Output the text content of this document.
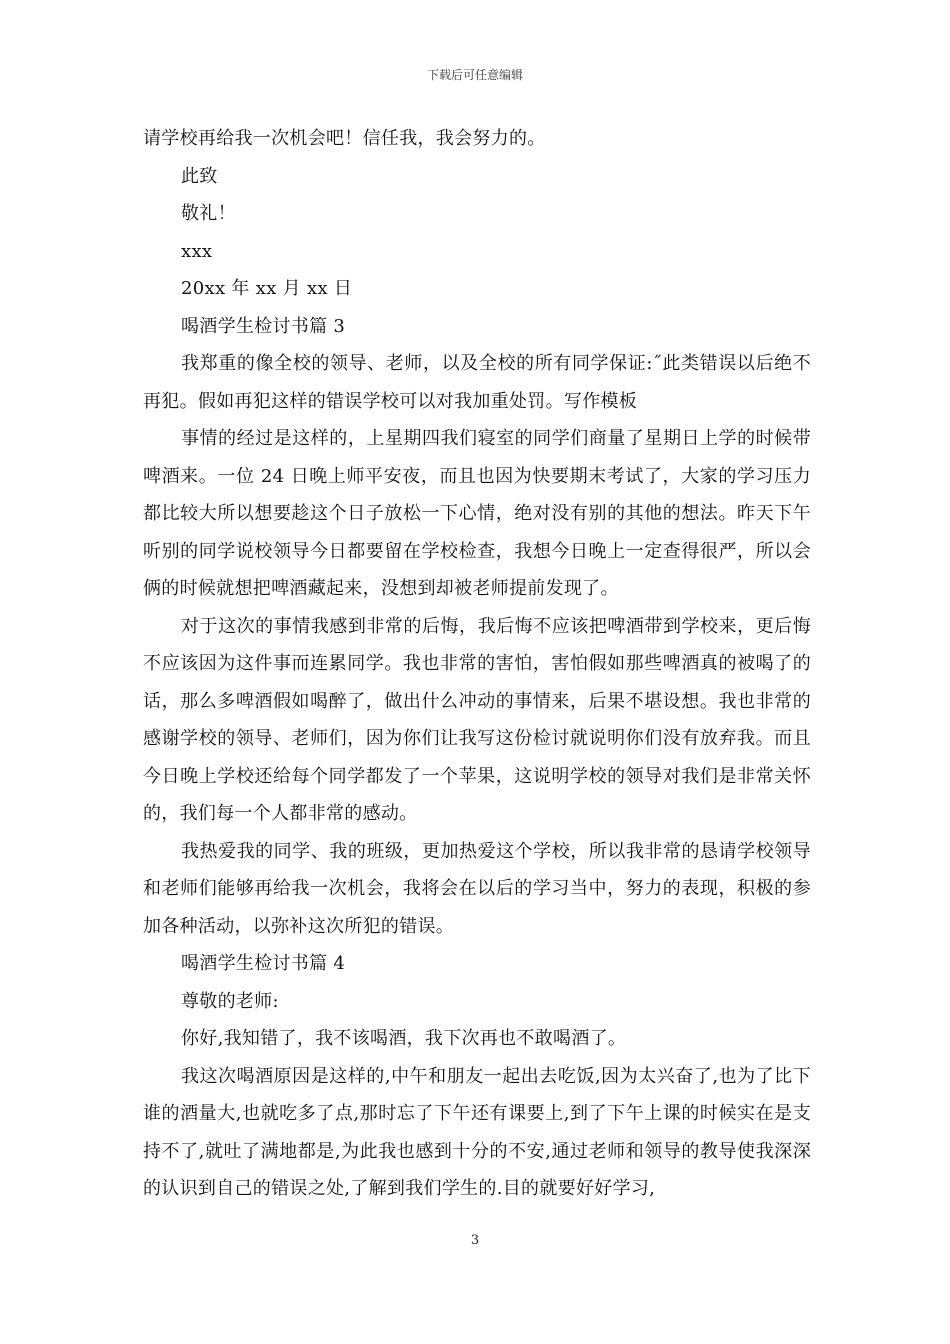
下载后可任意编辑
请学校再给我一次机会吧！信任我，我会努力的。
此致
敬礼！
xxx
20xx 年 xx 月 xx 日
喝酒学生检讨书篇 3
我郑重的像全校的领导、老师，以及全校的所有同学保证:˝此类错误以后绝不再犯。假如再犯这样的错误学校可以对我加重处罚。写作模板
事情的经过是这样的，上星期四我们寝室的同学们商量了星期日上学的时候带啤酒来。一位 24 日晚上师平安夜，而且也因为快要期末考试了，大家的学习压力都比较大所以想要趁这个日子放松一下心情，绝对没有别的其他的想法。昨天下午听别的同学说校领导今日都要留在学校检查，我想今日晚上一定查得很严，所以会俩的时候就想把啤酒藏起来，没想到却被老师提前发现了。
对于这次的事情我感到非常的后悔，我后悔不应该把啤酒带到学校来，更后悔不应该因为这件事而连累同学。我也非常的害怕，害怕假如那些啤酒真的被喝了的话，那么多啤酒假如喝醉了，做出什么冲动的事情来，后果不堪设想。我也非常的感谢学校的领导、老师们，因为你们让我写这份检讨就说明你们没有放弃我。而且今日晚上学校还给每个同学都发了一个苹果，这说明学校的领导对我们是非常关怀的，我们每一个人都非常的感动。
我热爱我的同学、我的班级，更加热爱这个学校，所以我非常的恳请学校领导和老师们能够再给我一次机会，我将会在以后的学习当中，努力的表现，积极的参加各种活动，以弥补这次所犯的错误。
喝酒学生检讨书篇 4
尊敬的老师:
你好,我知错了，我不该喝酒，我下次再也不敢喝酒了。
我这次喝酒原因是这样的,中午和朋友一起出去吃饭,因为太兴奋了,也为了比下谁的酒量大,也就吃多了点,那时忘了下午还有课要上,到了下午上课的时候实在是支持不了,就吐了满地都是,为此我也感到十分的不安,通过老师和领导的教导使我深深的认识到自己的错误之处,了解到我们学生的.目的就要好好学习,
3
